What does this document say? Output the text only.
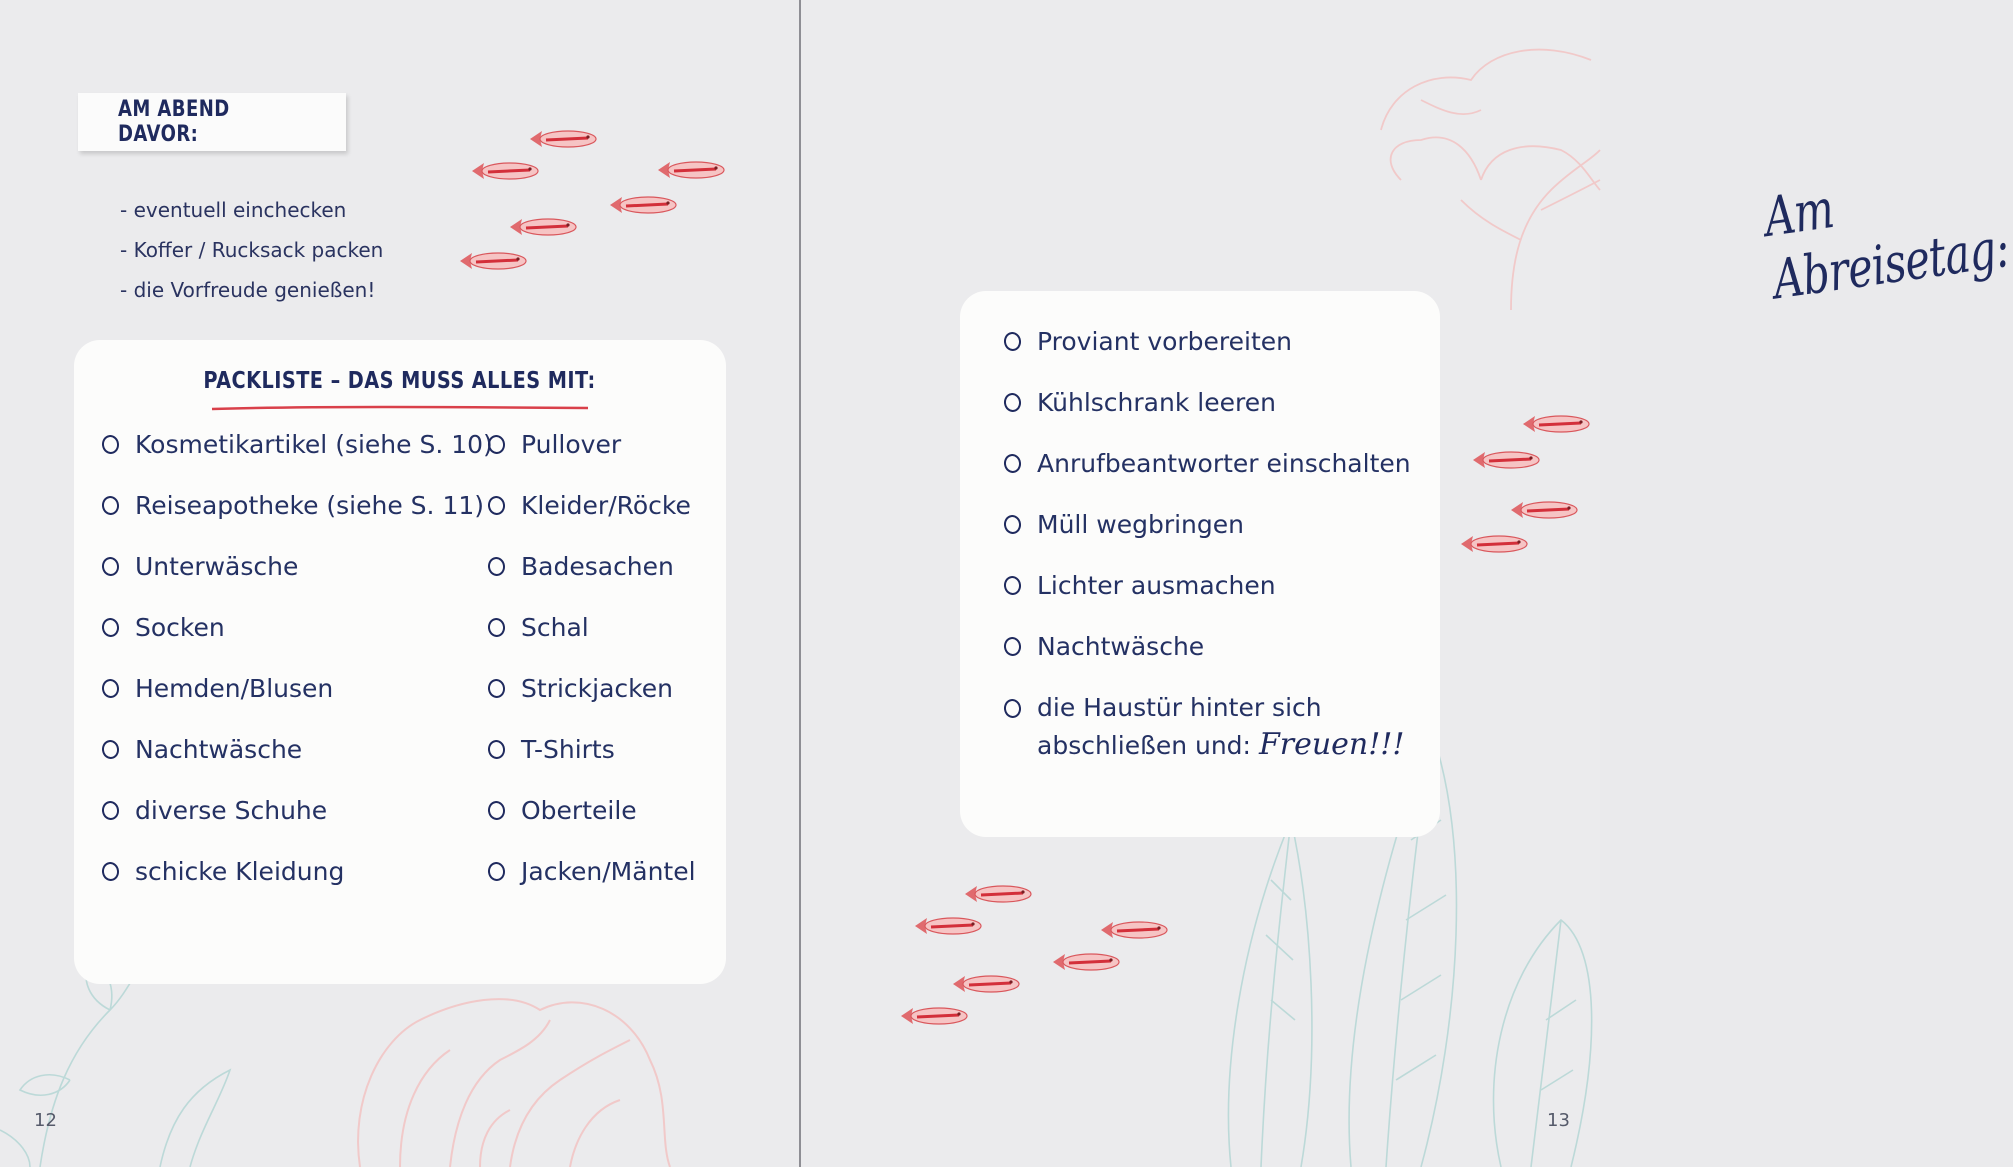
AM ABEND DAVOR:
- eventuell einchecken
- Koffer / Rucksack packen
- die Vorfreude genießen!
PACKLISTE – DAS MUSS ALLES MIT:
Kosmetikartikel (siehe S. 10)
Reiseapotheke (siehe S. 11)
Unterwäsche
Socken
Hemden/Blusen
Nachtwäsche
diverse Schuhe
schicke Kleidung
Pullover
Kleider/Röcke
Badesachen
Schal
Strickjacken
T-Shirts
Oberteile
Jacken/Mäntel
12
Am Abreisetag:
Proviant vorbereiten
Kühlschrank leeren
Anrufbeantworter einschalten
Müll wegbringen
Lichter ausmachen
Nachtwäsche
die Haustür hinter sich
abschließen und: Freuen!!!
13
